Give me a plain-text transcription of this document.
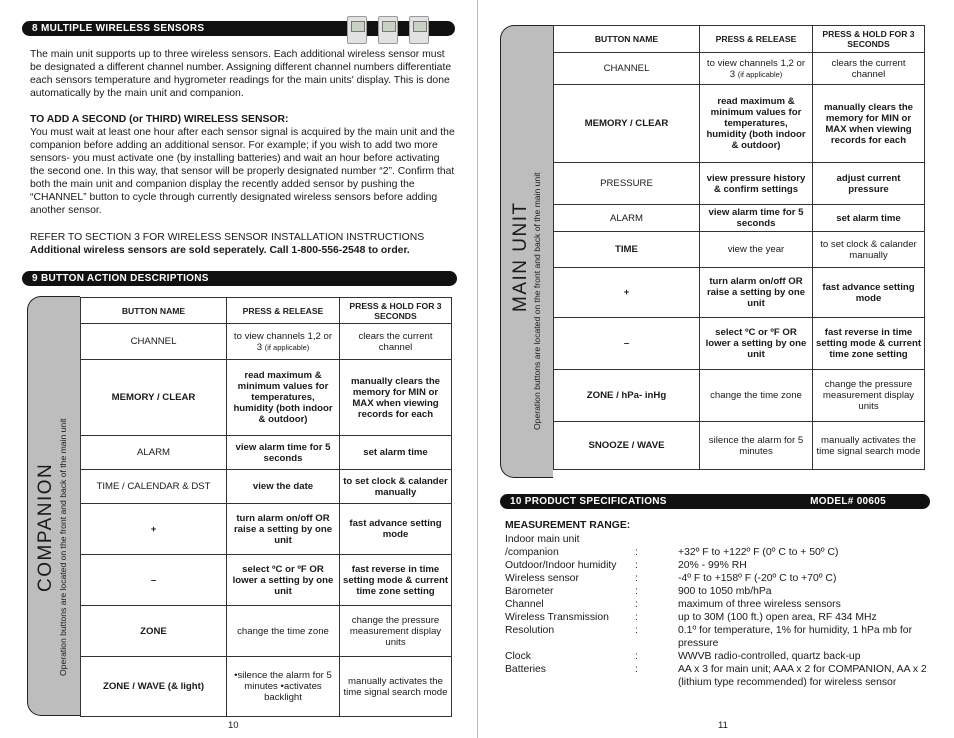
8 MULTIPLE WIRELESS SENSORS

The main unit supports up to three wireless sensors. Each additional wireless sensor must be designated a different channel number. Assigning different channel numbers differentiate each sensors temperature and hygrometer readings for the main units' display. This is done automatically by the main unit and companion.

TO ADD A SECOND (or THIRD) WIRELESS SENSOR:

You must wait at least one hour after each sensor signal is acquired by the main unit and the companion before adding an additional sensor. For example; if you wish to add two more sensors- you must activate one (by installing batteries) and wait an hour before activating the second one. In this way, that sensor will be properly designated number “2”. Confirm that both the main unit and companion display the recently added sensor by pushing the “CHANNEL” button to cycle through currently designated wireless sensors before adding another sensor.

REFER TO SECTION 3 FOR WIRELESS SENSOR INSTALLATION INSTRUCTIONS

Additional wireless sensors are sold seperately. Call 1-800-556-2548 to order.

9 BUTTON ACTION DESCRIPTIONS
COMPANION Operation buttons are located on the front and back of the main unit
BUTTON NAME	PRESS & RELEASE	PRESS & HOLD FOR 3 SECONDS
CHANNEL	to view channels 1,2 or 3 (if applicable)	clears the current channel
MEMORY / CLEAR	read maximum & minimum values for temperatures, humidity (both indoor & outdoor)	manually clears the memory for MIN or MAX when viewing records for each
ALARM	view alarm time for 5 seconds	set alarm time
TIME / CALENDAR & DST	view the date	to set clock & calander manually
+	turn alarm on/off OR raise a setting by one unit	fast advance setting mode
–	select ºC or ºF OR lower a setting by one unit	fast reverse in time setting mode & current time zone setting
ZONE	change the time zone	change the pressure measurement display units
ZONE / WAVE (& light)	•silence the alarm for 5 minutes •activates backlight	manually activates the time signal search mode
10
MAIN UNIT Operation buttons are located on the front and back of the main unit
BUTTON NAME	PRESS & RELEASE	PRESS & HOLD FOR 3 SECONDS
CHANNEL	to view channels 1,2 or 3 (if applicable)	clears the current channel
MEMORY / CLEAR	read maximum & minimum values for temperatures, humidity (both indoor & outdoor)	manually clears the memory for MIN or MAX when viewing records for each
PRESSURE	view pressure history & confirm settings	adjust current pressure
ALARM	view alarm time for 5 seconds	set alarm time
TIME	view the year	to set clock & calander manually
+	turn alarm on/off OR raise a setting by one unit	fast advance setting mode
–	select ºC or ºF OR lower a setting by one unit	fast reverse in time setting mode & current time zone setting
ZONE / hPa- inHg	change the time zone	change the pressure measurement display units
SNOOZE / WAVE	silence the alarm for 5 minutes	manually activates the time signal search mode
10 PRODUCT SPECIFICATIONS	MODEL# 00605
MEASUREMENT RANGE:
Indoor main unit
/companion	:	+32º F to +122º F (0º C to + 50º C)
Outdoor/Indoor humidity	:	20% - 99% RH
Wireless sensor	:	-4º F to +158º F (-20º C to +70º C)
Barometer	:	900 to 1050 mb/hPa
Channel	:	maximum of three wireless sensors
Wireless Transmission	:	up to 30M (100 ft.) open area, RF 434 MHz
Resolution	:	0.1º for temperature, 1% for humidity, 1 hPa mb for pressure
Clock	:	WWVB radio-controlled, quartz back-up
Batteries	:	AA x 3 for main unit; AAA x 2 for COMPANION, AA x 2 (lithium type recommended) for wireless sensor
11
